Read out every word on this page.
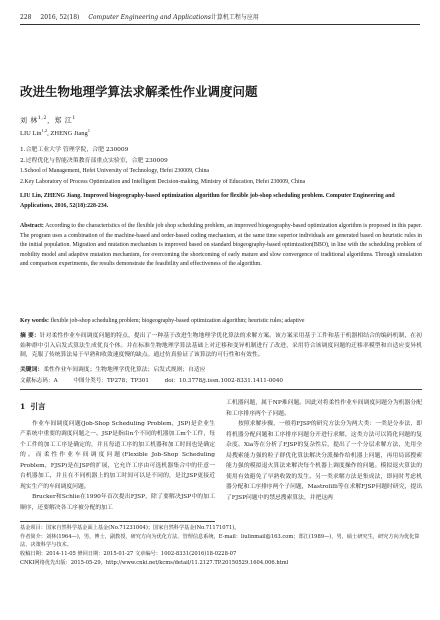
228 2016, 52(18) Computer Engineering and Applications计算机工程与应用
改进生物地理学算法求解柔性作业调度问题
刘 林$^{1,2}$，郑 江$^1$
LIU Lin$^{1,2}$, ZHENG Jiang$^1$
1.合肥工业大学 管理学院，合肥 230009
2.过程优化与智能决策教育部重点实验室，合肥 230009
1.School of Management, Hefei University of Technology, Hefei 230009, China
2.Key Laboratory of Process Optimization and Intelligent Decision-making, Ministry of Education, Hefei 230009, China
LIU Lin, ZHENG Jiang. Improved biogeography-based optimization algorithm for flexible job-shop scheduling problem. Computer Engineering and Applications, 2016, 52(18):228-234.
Abstract: According to the characteristics of the flexible job shop scheduling problem, an improved biogeography-based optimization algorithm is proposed in this paper. The program uses a combination of the machine-based and order-based coding mechanism, at the same time superior individuals are generated based on heuristic rules in the initial population. Migration and mutation mechanism is improved based on standard biogeography-based optimization(BBO), in line with the scheduling problem of mobility model and adaptive mutation mechanism, for overcoming the shortcoming of early mature and slow convergence of traditional algorithms. Through simulation and comparison experiments, the results demonstrate the feasibility and effectiveness of the algorithm.
Key words: flexible job-shop scheduling problem; biogeography-based optimization algorithm; heuristic rules; adaptive
摘 要：针对柔性作业车间调度问题的特点，提出了一种基于改进生物地理学优化算法的求解方案。该方案采用基于工件和基于机器相结合的编码机制，在初始种群中引入启发式算法生成优良个体。并在标准生物地理学算法基础上对迁移和变异机制进行了改进，采用符合该调度问题的迁移率模型和自适应变异机制，克服了传统算法易于早熟和收敛速度慢的缺点。通过仿真验证了该算法的可行性和有效性。
关键词：柔性作业车间调度；生物地理学优化算法；启发式规则；自适应
文献标志码：A	中图分类号：TP278；TP301	doi：10.3778/j.issn.1002-8331.1411-0040
1 引言

作业车间调度问题(Job-Shop Scheduling Problem，JSP)是企业生产系统中重要的调度问题之一。JSP是指由n个不同的机器加工m个工件，每个工件的加工工序是确定的，并且每道工序的加工机器和加工时间也是确定的。而柔性作业车间调度问题(Flexible Job-Shop Scheduling Problem，FJSP)是在JSP的扩展，它允许工序由可选机器集合中的任意一台机器加工，并且在不同机器上的加工时间可以是不同的，是比JSP更接近现实生产的车间调度问题。

Brucker和Schlie在1990年首次提出FJSP，除了要解决JSP中的加工顺序，还要解决各工序被分配的加工

工机器问题，属于NP难问题。因此对将柔性作业车间调度问题分为机器分配和工序排序两个子问题。

按照求解步骤，一般将FJSP的研究方法分为两大类：一类是分步法，即将机器分配问题和工序排序问题分开进行求解，这类方法可以简化问题的复杂度。Xia等在分析了FJSP的复杂性后，提出了一个分层求解方法，先用全局搜索能力强的粒子群优化算法解决分派操作给机器上问题，再用局部搜索能力强的模拟退火算法来解决每个机器上调度操作的问题。模拟退火算法的使用有效避免了早熟收敛的发生。另一类求解方法是集成法，即同时考虑机器分配和工序排序两个子问题，Mastrolilli等在求解FJSP问题时研究，提出了FJSP问题中的禁忌搜索算法，并把这两

基金项目：国家自然科学基金面上基金(No.71231004)；国家自然科学基金(No.71171071)。
作者简介：刘林(1964—)，男，博士，副教授，研究方向为优化方法、管理信息系统，E-mail：liulinmail@163.com；郑江(1989—)，男，硕士研究生，研究方向为优化算法、决策科学与技术。
收稿日期：2014-11-05 修回日期：2015-01-27 文章编号：1002-8331(2016)18-0228-07
CNKI网络优先出版：2015-05-29，http://www.cnki.net/kcms/detail/11.2127.TP.20150529.1604.006.html
